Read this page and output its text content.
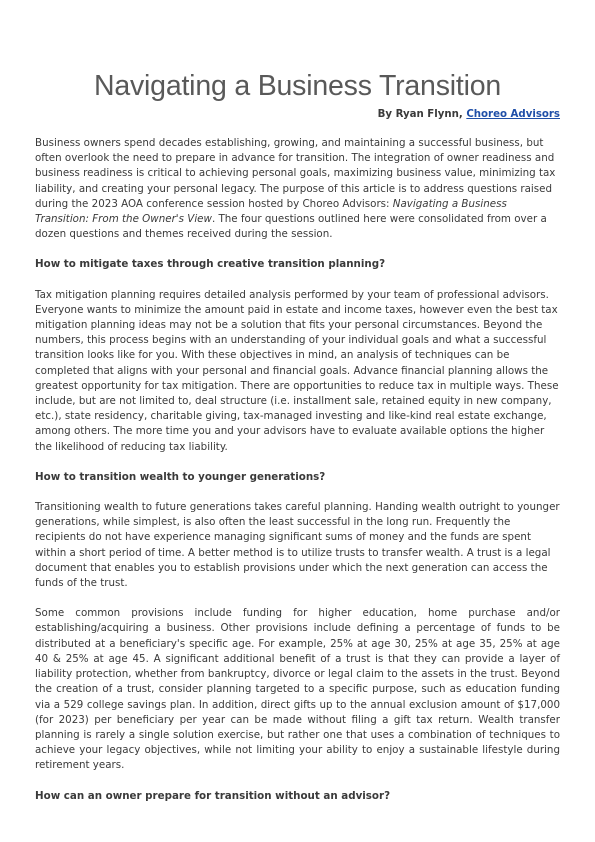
Navigating a Business Transition
By Ryan Flynn, Choreo Advisors

Business owners spend decades establishing, growing, and maintaining a successful business, but often overlook the need to prepare in advance for transition. The integration of owner readiness and business readiness is critical to achieving personal goals, maximizing business value, minimizing tax liability, and creating your personal legacy. The purpose of this article is to address questions raised during the 2023 AOA conference session hosted by Choreo Advisors: Navigating a Business Transition: From the Owner's View. The four questions outlined here were consolidated from over a dozen questions and themes received during the session.

How to mitigate taxes through creative transition planning?

Tax mitigation planning requires detailed analysis performed by your team of professional advisors. Everyone wants to minimize the amount paid in estate and income taxes, however even the best tax mitigation planning ideas may not be a solution that fits your personal circumstances. Beyond the numbers, this process begins with an understanding of your individual goals and what a successful transition looks like for you. With these objectives in mind, an analysis of techniques can be completed that aligns with your personal and financial goals. Advance financial planning allows the greatest opportunity for tax mitigation. There are opportunities to reduce tax in multiple ways. These include, but are not limited to, deal structure (i.e. installment sale, retained equity in new company, etc.), state residency, charitable giving, tax-managed investing and like-kind real estate exchange, among others. The more time you and your advisors have to evaluate available options the higher the likelihood of reducing tax liability.

How to transition wealth to younger generations?

Transitioning wealth to future generations takes careful planning. Handing wealth outright to younger generations, while simplest, is also often the least successful in the long run. Frequently the recipients do not have experience managing significant sums of money and the funds are spent within a short period of time. A better method is to utilize trusts to transfer wealth. A trust is a legal document that enables you to establish provisions under which the next generation can access the funds of the trust.

Some common provisions include funding for higher education, home purchase and/or establishing/acquiring a business. Other provisions include defining a percentage of funds to be distributed at a beneficiary's specific age. For example, 25% at age 30, 25% at age 35, 25% at age 40 & 25% at age 45. A significant additional benefit of a trust is that they can provide a layer of liability protection, whether from bankruptcy, divorce or legal claim to the assets in the trust. Beyond the creation of a trust, consider planning targeted to a specific purpose, such as education funding via a 529 college savings plan. In addition, direct gifts up to the annual exclusion amount of $17,000 (for 2023) per beneficiary per year can be made without filing a gift tax return. Wealth transfer planning is rarely a single solution exercise, but rather one that uses a combination of techniques to achieve your legacy objectives, while not limiting your ability to enjoy a sustainable lifestyle during retirement years.

How can an owner prepare for transition without an advisor?
